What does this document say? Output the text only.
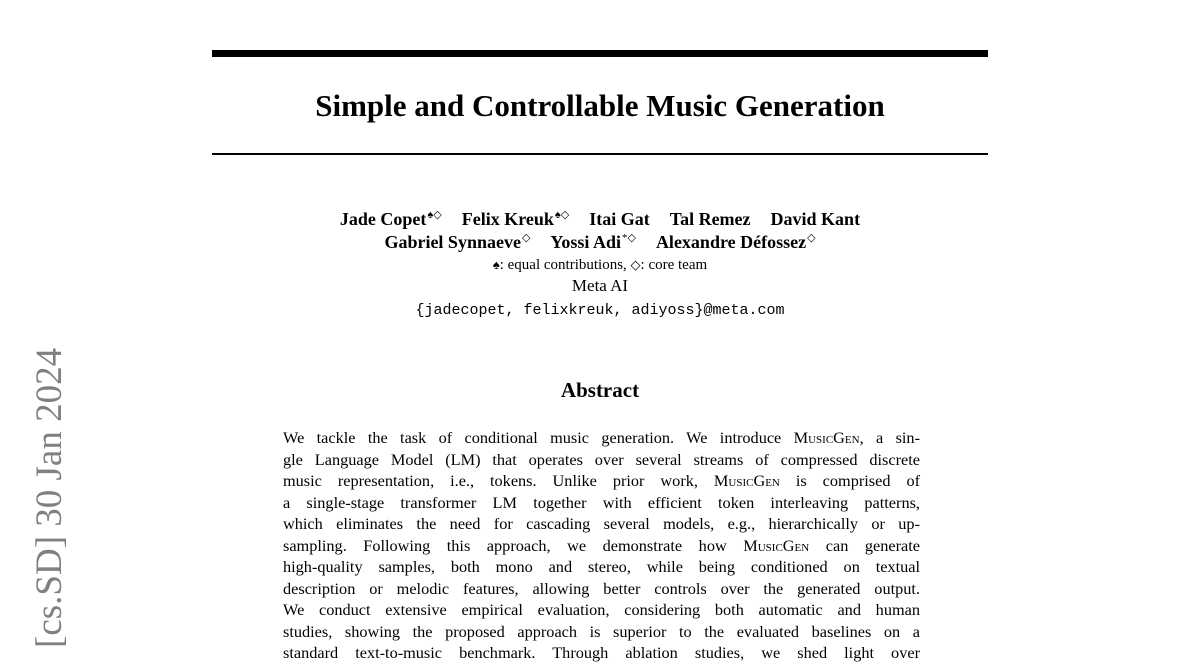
Simple and Controllable Music Generation
Jade Copet♠◇ Felix Kreuk♠◇ Itai Gat Tal Remez David Kant
Gabriel Synnaeve◇ Yossi Adi*◇ Alexandre Défossez◇
♠: equal contributions, ◇: core team
Meta AI
{jadecopet, felixkreuk, adiyoss}@meta.com
Abstract
We tackle the task of conditional music generation. We introduce MusicGen, a sin-
gle Language Model (LM) that operates over several streams of compressed discrete
music representation, i.e., tokens. Unlike prior work, MusicGen is comprised of
a single-stage transformer LM together with efficient token interleaving patterns,
which eliminates the need for cascading several models, e.g., hierarchically or up-
sampling. Following this approach, we demonstrate how MusicGen can generate
high-quality samples, both mono and stereo, while being conditioned on textual
description or melodic features, allowing better controls over the generated output.
We conduct extensive empirical evaluation, considering both automatic and human
studies, showing the proposed approach is superior to the evaluated baselines on a
standard text-to-music benchmark. Through ablation studies, we shed light over
[cs.SD] 30 Jan 2024
